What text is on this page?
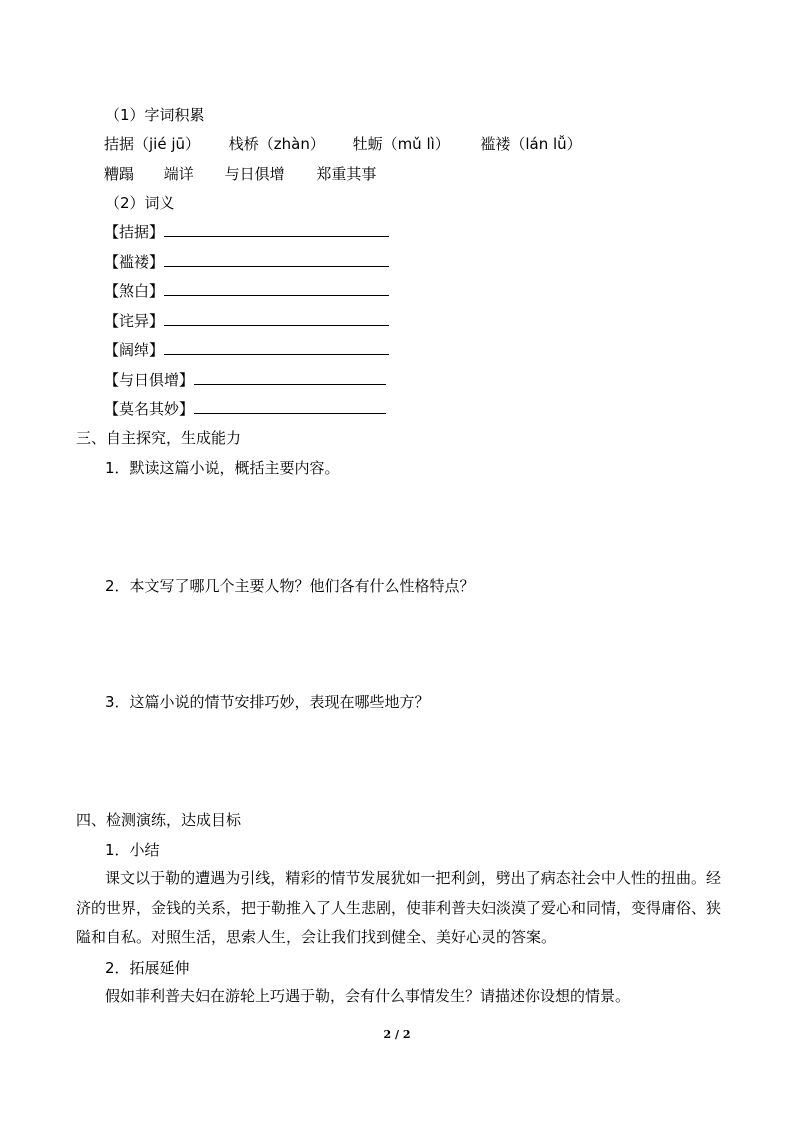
（1）字词积累
拮据（jié jū） 栈桥（zhàn） 牡蛎（mǔ lì） 褴褛（lán lǚ）
糟蹋 端详 与日俱增 郑重其事
（2）词义
【拮据】
【褴褛】
【煞白】
【诧异】
【阔绰】
【与日俱增】
【莫名其妙】
三、自主探究，生成能力
1．默读这篇小说，概括主要内容。
2．本文写了哪几个主要人物？他们各有什么性格特点？
3．这篇小说的情节安排巧妙，表现在哪些地方？
四、检测演练，达成目标
1．小结
课文以于勒的遭遇为引线，精彩的情节发展犹如一把利剑，劈出了病态社会中人性的扭曲。经济的世界，金钱的关系，把于勒推入了人生悲剧，使菲利普夫妇淡漠了爱心和同情，变得庸俗、狭隘和自私。对照生活，思索人生，会让我们找到健全、美好心灵的答案。
2．拓展延伸
假如菲利普夫妇在游轮上巧遇于勒，会有什么事情发生？请描述你设想的情景。
2 / 2
